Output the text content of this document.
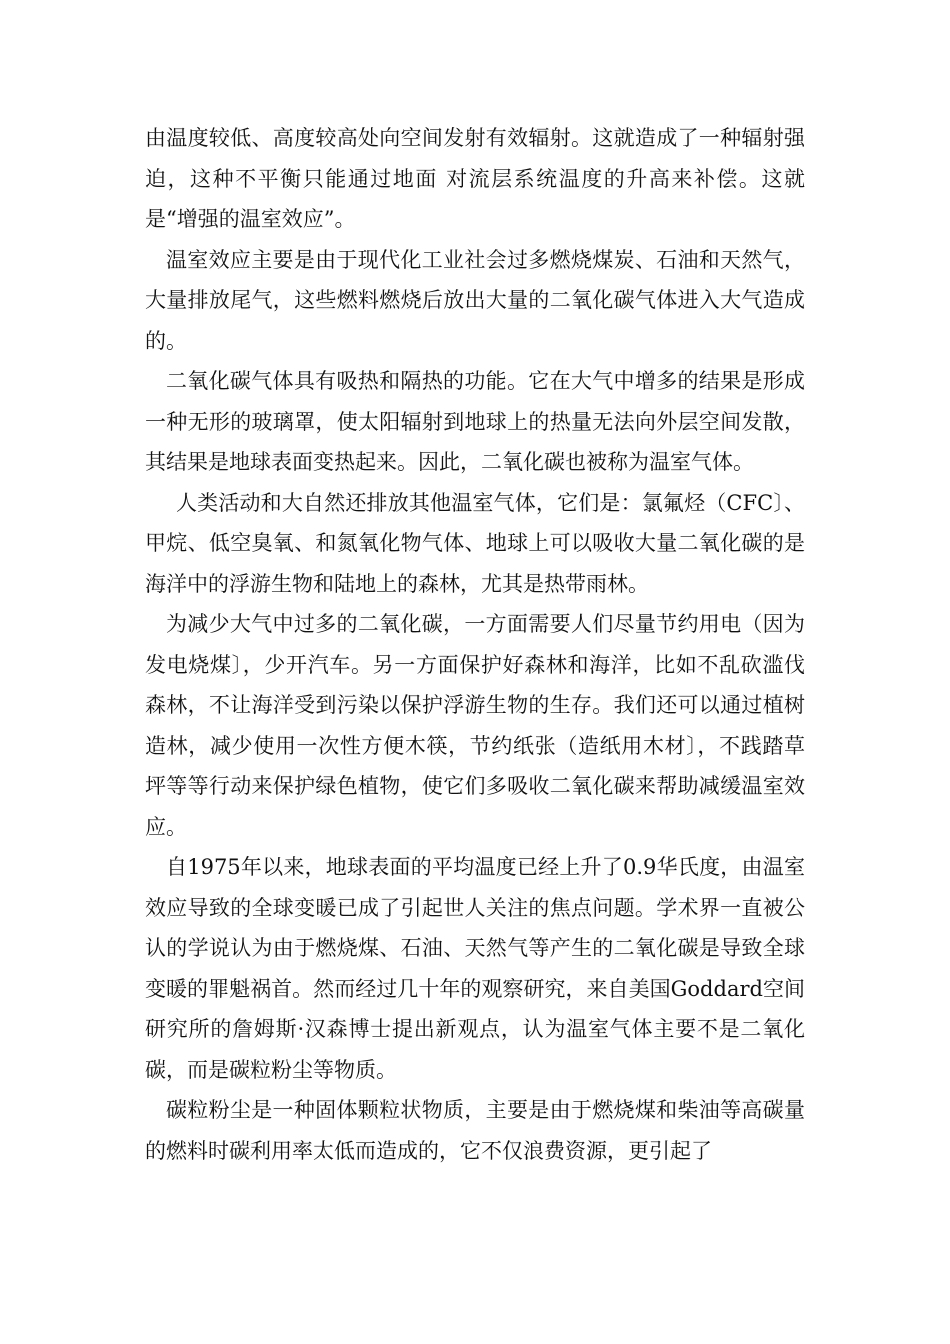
由温度较低、高度较高处向空间发射有效辐射。这就造成了一种辐射强迫，这种不平衡只能通过地面 对流层系统温度的升高来补偿。这就是“增强的温室效应”。

温室效应主要是由于现代化工业社会过多燃烧煤炭、石油和天然气，大量排放尾气，这些燃料燃烧后放出大量的二氧化碳气体进入大气造成的。

二氧化碳气体具有吸热和隔热的功能。它在大气中增多的结果是形成一种无形的玻璃罩，使太阳辐射到地球上的热量无法向外层空间发散，其结果是地球表面变热起来。因此，二氧化碳也被称为温室气体。

人类活动和大自然还排放其他温室气体，它们是：氯氟烃（CFC〕、甲烷、低空臭氧、和氮氧化物气体、地球上可以吸收大量二氧化碳的是海洋中的浮游生物和陆地上的森林，尤其是热带雨林。

为减少大气中过多的二氧化碳，一方面需要人们尽量节约用电（因为发电烧煤〕，少开汽车。另一方面保护好森林和海洋，比如不乱砍滥伐森林，不让海洋受到污染以保护浮游生物的生存。我们还可以通过植树造林，减少使用一次性方便木筷，节约纸张（造纸用木材〕，不践踏草坪等等行动来保护绿色植物，使它们多吸收二氧化碳来帮助减缓温室效应。

自1975年以来，地球表面的平均温度已经上升了0.9华氏度，由温室效应导致的全球变暖已成了引起世人关注的焦点问题。学术界一直被公认的学说认为由于燃烧煤、石油、天然气等产生的二氧化碳是导致全球变暖的罪魁祸首。然而经过几十年的观察研究，来自美国Goddard空间研究所的詹姆斯·汉森博士提出新观点，认为温室气体主要不是二氧化碳，而是碳粒粉尘等物质。

碳粒粉尘是一种固体颗粒状物质，主要是由于燃烧煤和柴油等高碳量的燃料时碳利用率太低而造成的，它不仅浪费资源，更引起了
